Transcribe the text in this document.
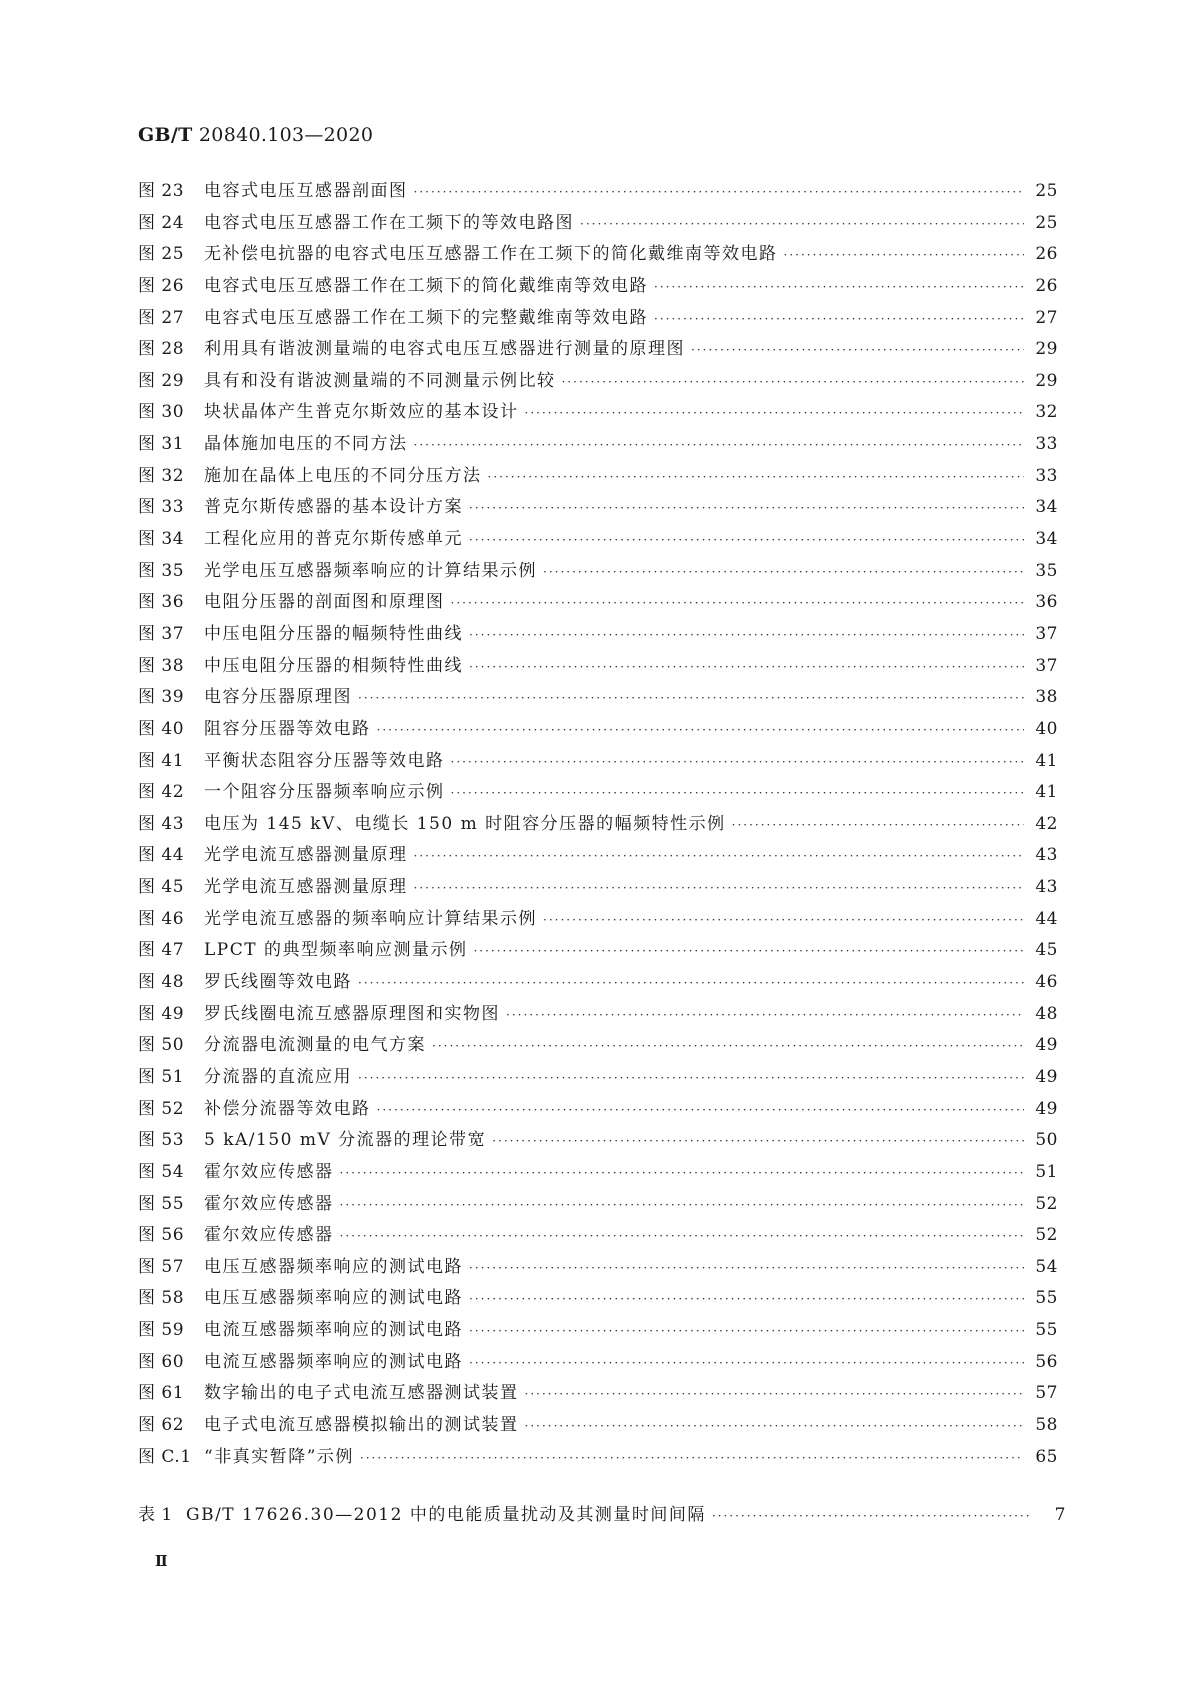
GB/T 20840.103—2020
图 23	电容式电压互感器剖面图 ·····	25
图 24	电容式电压互感器工作在工频下的等效电路图 ·····	25
图 25	无补偿电抗器的电容式电压互感器工作在工频下的简化戴维南等效电路 ·····	26
图 26	电容式电压互感器工作在工频下的简化戴维南等效电路 ·····	26
图 27	电容式电压互感器工作在工频下的完整戴维南等效电路 ·····	27
图 28	利用具有谐波测量端的电容式电压互感器进行测量的原理图 ·····	29
图 29	具有和没有谐波测量端的不同测量示例比较 ·····	29
图 30	块状晶体产生普克尔斯效应的基本设计 ·····	32
图 31	晶体施加电压的不同方法 ·····	33
图 32	施加在晶体上电压的不同分压方法 ·····	33
图 33	普克尔斯传感器的基本设计方案 ·····	34
图 34	工程化应用的普克尔斯传感单元 ·····	34
图 35	光学电压互感器频率响应的计算结果示例 ·····	35
图 36	电阻分压器的剖面图和原理图 ·····	36
图 37	中压电阻分压器的幅频特性曲线 ·····	37
图 38	中压电阻分压器的相频特性曲线 ·····	37
图 39	电容分压器原理图 ·····	38
图 40	阻容分压器等效电路 ·····	40
图 41	平衡状态阻容分压器等效电路 ·····	41
图 42	一个阻容分压器频率响应示例 ·····	41
图 43	电压为 145 kV、电缆长 150 m 时阻容分压器的幅频特性示例 ·····	42
图 44	光学电流互感器测量原理 ·····	43
图 45	光学电流互感器测量原理 ·····	43
图 46	光学电流互感器的频率响应计算结果示例 ·····	44
图 47	LPCT 的典型频率响应测量示例 ·····	45
图 48	罗氏线圈等效电路 ·····	46
图 49	罗氏线圈电流互感器原理图和实物图 ·····	48
图 50	分流器电流测量的电气方案 ·····	49
图 51	分流器的直流应用 ·····	49
图 52	补偿分流器等效电路 ·····	49
图 53	5 kA/150 mV 分流器的理论带宽 ·····	50
图 54	霍尔效应传感器 ·····	51
图 55	霍尔效应传感器 ·····	52
图 56	霍尔效应传感器 ·····	52
图 57	电压互感器频率响应的测试电路 ·····	54
图 58	电压互感器频率响应的测试电路 ·····	55
图 59	电流互感器频率响应的测试电路 ·····	55
图 60	电流互感器频率响应的测试电路 ·····	56
图 61	数字输出的电子式电流互感器测试装置 ·····	57
图 62	电子式电流互感器模拟输出的测试装置 ·····	58
图 C.1 “非真实暂降”示例 ·····	65
表 1 GB/T 17626.30—2012 中的电能质量扰动及其测量时间间隔 ·····	7
Ⅱ
